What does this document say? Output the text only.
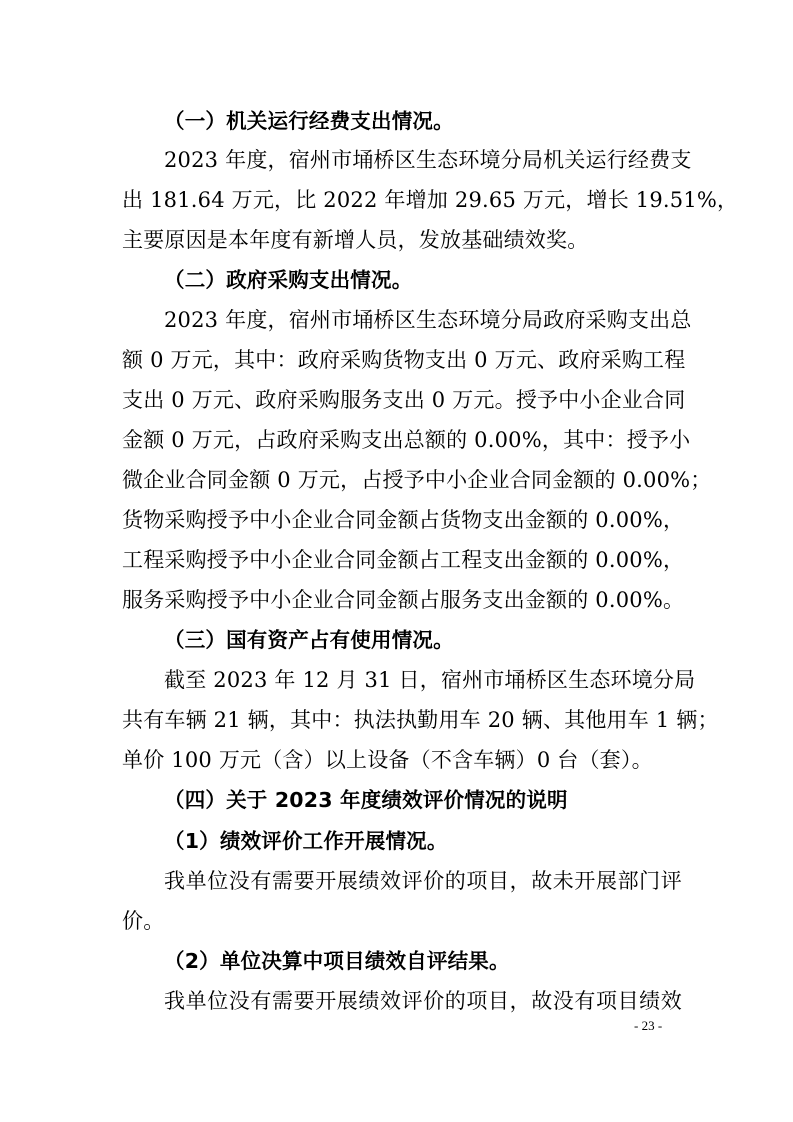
（一）机关运行经费支出情况。
2023 年度，宿州市埇桥区生态环境分局机关运行经费支
出 181.64 万元，比 2022 年增加 29.65 万元，增长 19.51%，
主要原因是本年度有新增人员，发放基础绩效奖。
（二）政府采购支出情况。
2023 年度，宿州市埇桥区生态环境分局政府采购支出总
额 0 万元，其中：政府采购货物支出 0 万元、政府采购工程
支出 0 万元、政府采购服务支出 0 万元。授予中小企业合同
金额 0 万元，占政府采购支出总额的 0.00%，其中：授予小
微企业合同金额 0 万元，占授予中小企业合同金额的 0.00%；
货物采购授予中小企业合同金额占货物支出金额的 0.00%，
工程采购授予中小企业合同金额占工程支出金额的 0.00%，
服务采购授予中小企业合同金额占服务支出金额的 0.00%。
（三）国有资产占有使用情况。
截至 2023 年 12 月 31 日，宿州市埇桥区生态环境分局
共有车辆 21 辆，其中：执法执勤用车 20 辆、其他用车 1 辆；
单价 100 万元（含）以上设备（不含车辆）0 台（套）。
（四）关于 2023 年度绩效评价情况的说明
（1）绩效评价工作开展情况。
我单位没有需要开展绩效评价的项目，故未开展部门评
价。
（2）单位决算中项目绩效自评结果。
我单位没有需要开展绩效评价的项目，故没有项目绩效
- 23 -
